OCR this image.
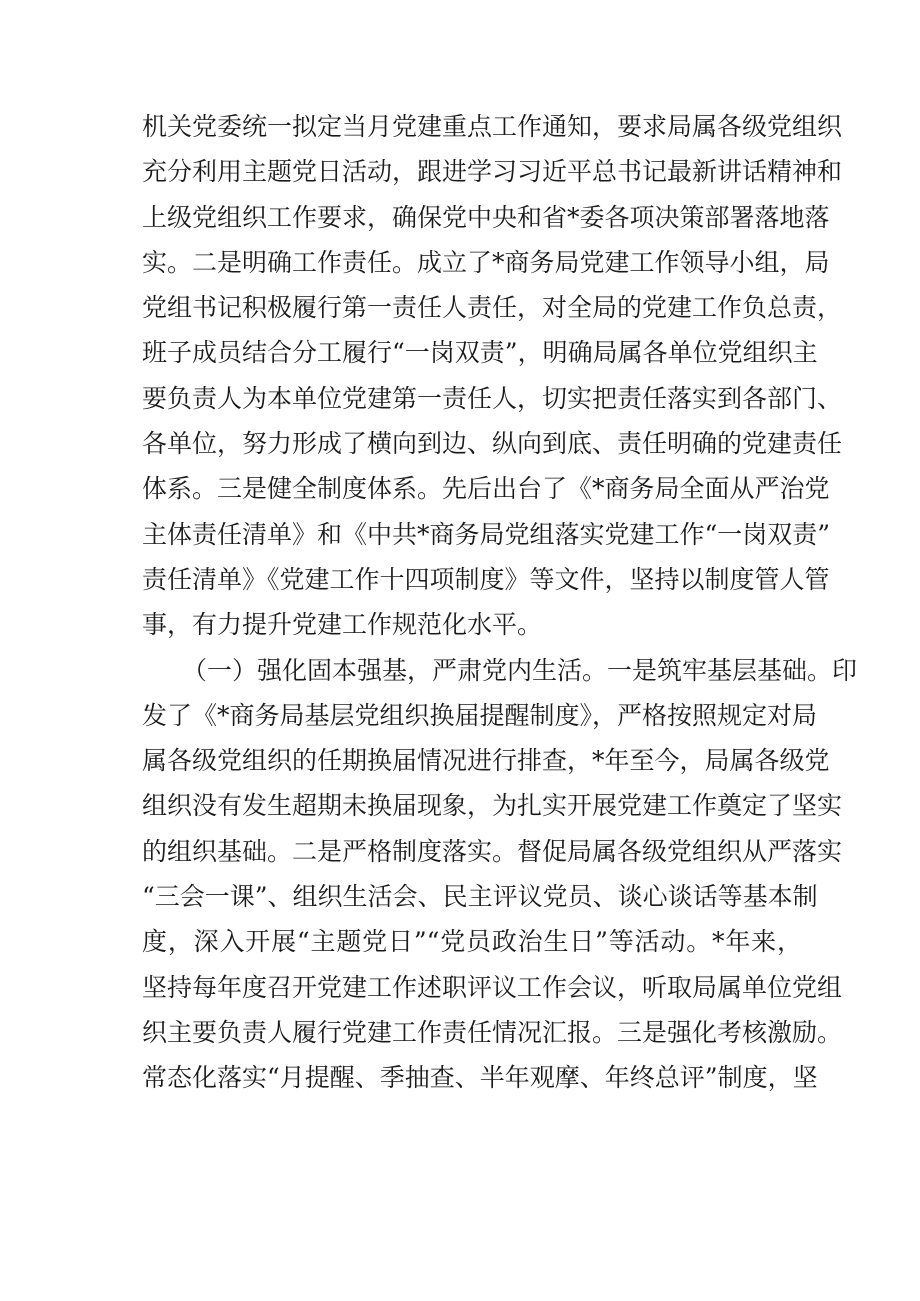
机关党委统一拟定当月党建重点工作通知，要求局属各级党组织
充分利用主题党日活动，跟进学习习近平总书记最新讲话精神和
上级党组织工作要求，确保党中央和省*委各项决策部署落地落
实。二是明确工作责任。成立了*商务局党建工作领导小组，局
党组书记积极履行第一责任人责任，对全局的党建工作负总责，
班子成员结合分工履行“一岗双责”，明确局属各单位党组织主
要负责人为本单位党建第一责任人，切实把责任落实到各部门、
各单位，努力形成了横向到边、纵向到底、责任明确的党建责任
体系。三是健全制度体系。先后出台了《*商务局全面从严治党
主体责任清单》和《中共*商务局党组落实党建工作“一岗双责”
责任清单》《党建工作十四项制度》等文件，坚持以制度管人管
事，有力提升党建工作规范化水平。
（一）强化固本强基，严肃党内生活。一是筑牢基层基础。印
发了《*商务局基层党组织换届提醒制度》，严格按照规定对局
属各级党组织的任期换届情况进行排查，*年至今，局属各级党
组织没有发生超期未换届现象，为扎实开展党建工作奠定了坚实
的组织基础。二是严格制度落实。督促局属各级党组织从严落实
“三会一课”、组织生活会、民主评议党员、谈心谈话等基本制
度，深入开展“主题党日”“党员政治生日”等活动。*年来，
坚持每年度召开党建工作述职评议工作会议，听取局属单位党组
织主要负责人履行党建工作责任情况汇报。三是强化考核激励。
常态化落实“月提醒、季抽查、半年观摩、年终总评”制度，坚
